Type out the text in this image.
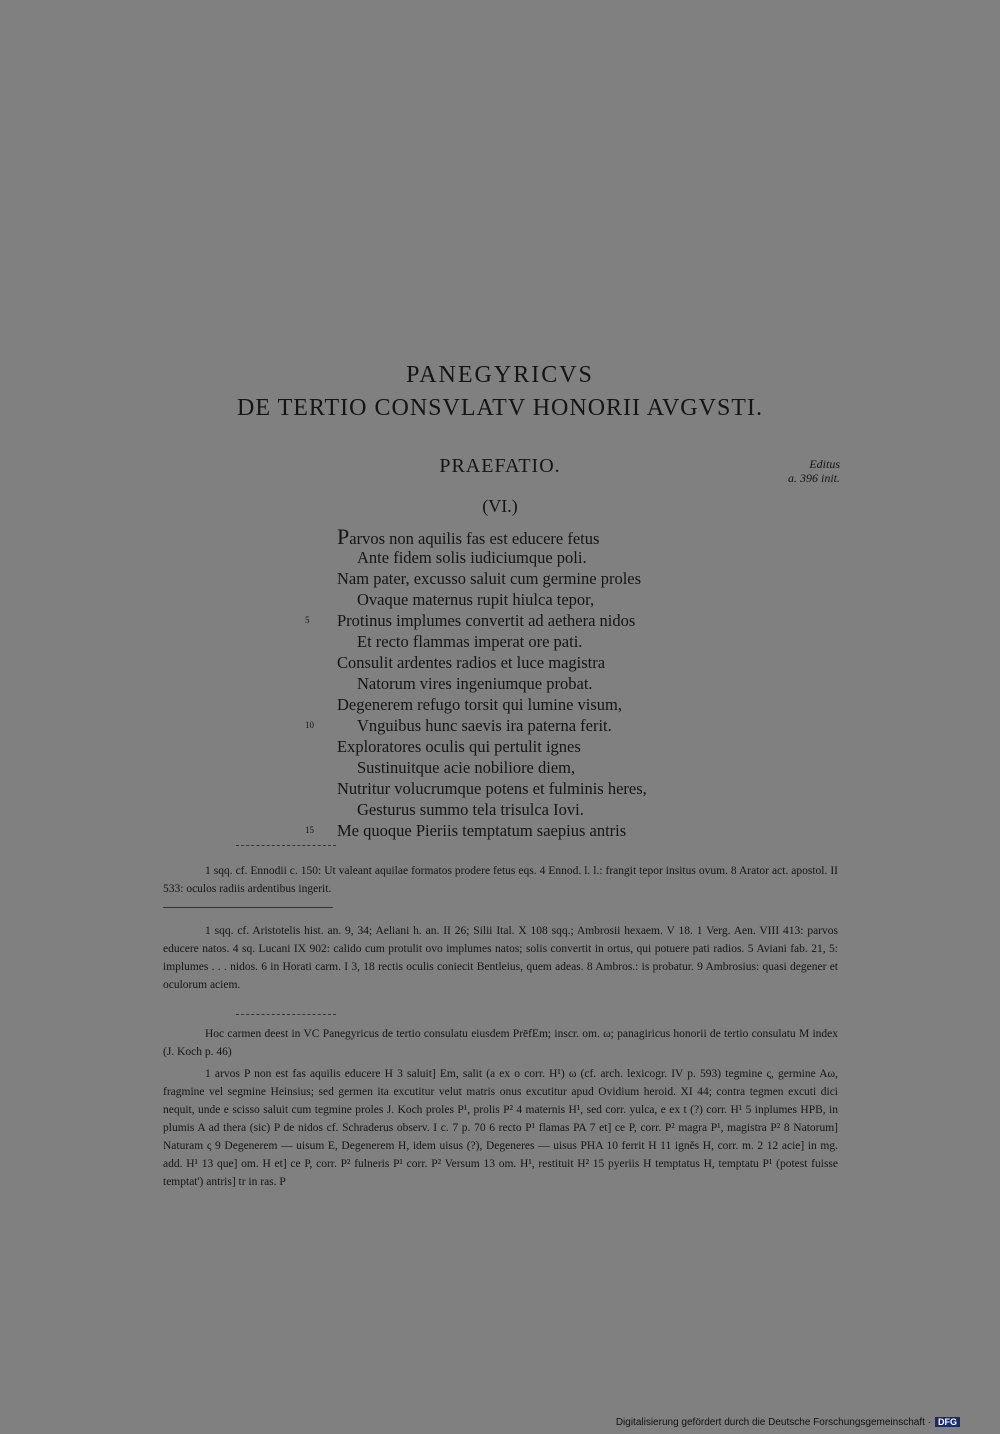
PANEGYRICVS
DE TERTIO CONSVLATV HONORII AVGVSTI.
PRAEFATIO.	Editus
a. 396 init.
(VI.)
Parvos non aquilis fas est educere fetus
Ante fidem solis iudiciumque poli.
Nam pater, excusso saluit cum germine proles
Ovaque maternus rupit hiulca tepor,
5 Protinus implumes convertit ad aethera nidos
Et recto flammas imperat ore pati.
Consulit ardentes radios et luce magistra
Natorum vires ingeniumque probat.
Degenerem refugo torsit qui lumine visum,
10	Vnguibus hunc saevis ira paterna ferit.
Exploratores oculis qui pertulit ignes
Sustinuitque acie nobiliore diem,
Nutritur volucrumque potens et fulminis heres,
Gesturus summo tela trisulca Iovi.
15 Me quoque Pieriis temptatum saepius antris

1 sqq. cf. Ennodii c. 150: Ut valeant aquilae formatos prodere fetus eqs. 4 Ennod. l. l.: frangit tepor insitus ovum. 8 Arator act. apostol. II 533: oculos radiis ardentibus ingerit.

1 sqq. cf. Aristotelis hist. an. 9, 34; Aeliani h. an. II 26; Silii Ital. X 108 sqq.; Ambrosii hexaem. V 18. 1 Verg. Aen. VIII 413: parvos educere natos. 4 sq. Lucani IX 902: calido cum protulit ovo implumes natos; solis convertit in ortus, qui potuere pati radios. 5 Aviani fab. 21, 5: implumes . . . nidos. 6 in Horati carm. I 3, 18 rectis oculis coniecit Bentleius, quem adeas. 8 Ambros.: is probatur. 9 Ambrosius: quasi degener et oculorum aciem.

Hoc carmen deest in VC Panegyricus de tertio consulatu eiusdem PrēfEm; inscr. om. ω; panagiricus honorii de tertio consulatu M index (J. Koch p. 46)

1 arvos P non est fas aquilis educere H 3 saluit] Em, salit (a ex o corr. H¹) ω (cf. arch. lexicogr. IV p. 593) tegmine ς, germine Aω, fragmine vel segmine Heinsius; sed germen ita excutitur velut matris onus excutitur apud Ovidium heroid. XI 44; contra tegmen excuti dici nequit, unde e scisso saluit cum tegmine proles J. Koch proles P¹, prolis P² 4 maternis H¹, sed corr. yulca, e ex t (?) corr. H¹ 5 inplumes HPB, in plumis A ad thera (sic) P de nidos cf. Schraderus observ. I c. 7 p. 70 6 recto P¹ flamas PA 7 et] ce P, corr. P² magra P¹, magistra P² 8 Natorum] Naturam ς 9 Degenerem — uisum E, Degenerem H, idem uisus (?), Degeneres — uisus PHA 10 ferrit H 11 igněs H, corr. m. 2 12 acie] in mg. add. H¹ 13 que] om. H et] ce P, corr. P² fulneris P¹ corr. P² Versum 13 om. H¹, restituit H² 15 pyeriis H temptatus H, temptatu P¹ (potest fuisse temptat') antris] tr in ras. P

Digitalisierung gefördert durch die Deutsche Forschungsgemeinschaft · DFG
